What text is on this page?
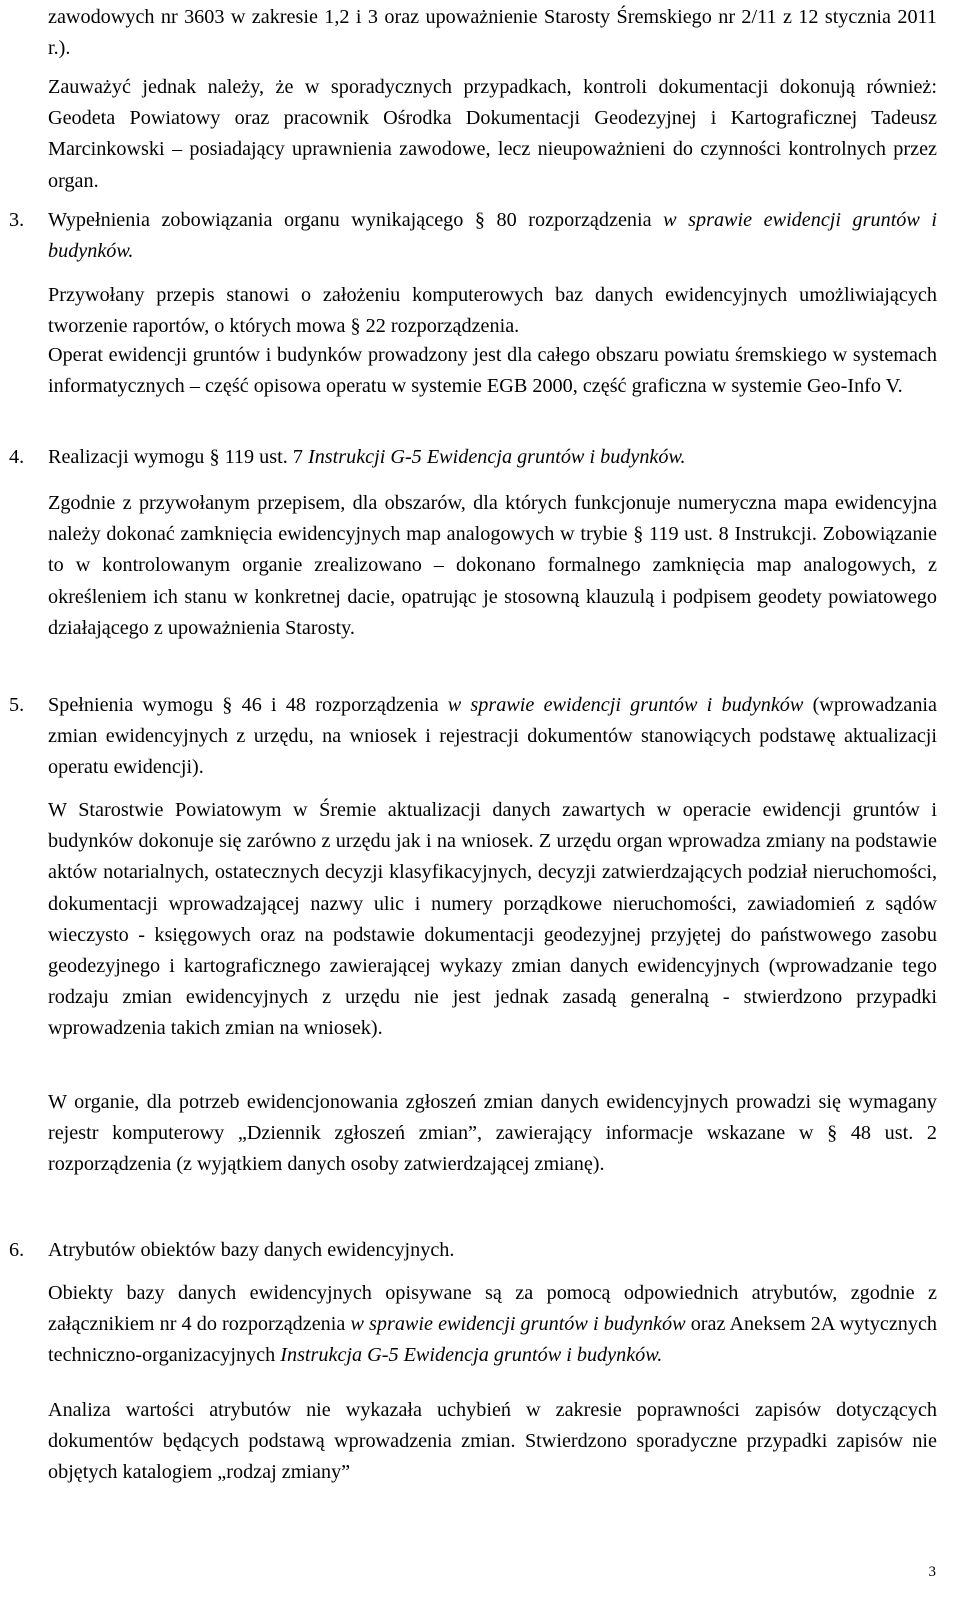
zawodowych nr 3603 w zakresie 1,2 i 3 oraz upoważnienie Starosty Śremskiego nr 2/11 z 12 stycznia 2011 r.).

Zauważyć jednak należy, że w sporadycznych przypadkach, kontroli dokumentacji dokonują również: Geodeta Powiatowy oraz pracownik Ośrodka Dokumentacji Geodezyjnej i Kartograficznej Tadeusz Marcinkowski – posiadający uprawnienia zawodowe, lecz nieupoważnieni do czynności kontrolnych przez organ.

3. Wypełnienia zobowiązania organu wynikającego § 80 rozporządzenia w sprawie ewidencji gruntów i budynków.

Przywołany przepis stanowi o założeniu komputerowych baz danych ewidencyjnych umożliwiających tworzenie raportów, o których mowa § 22 rozporządzenia.

Operat ewidencji gruntów i budynków prowadzony jest dla całego obszaru powiatu śremskiego w systemach informatycznych – część opisowa operatu w systemie EGB 2000, część graficzna w systemie Geo-Info V.

4. Realizacji wymogu § 119 ust. 7 Instrukcji G-5 Ewidencja gruntów i budynków.

Zgodnie z przywołanym przepisem, dla obszarów, dla których funkcjonuje numeryczna mapa ewidencyjna należy dokonać zamknięcia ewidencyjnych map analogowych w trybie § 119 ust. 8 Instrukcji. Zobowiązanie to w kontrolowanym organie zrealizowano – dokonano formalnego zamknięcia map analogowych, z określeniem ich stanu w konkretnej dacie, opatrując je stosowną klauzulą i podpisem geodety powiatowego działającego z upoważnienia Starosty.

5. Spełnienia wymogu § 46 i 48 rozporządzenia w sprawie ewidencji gruntów i budynków (wprowadzania zmian ewidencyjnych z urzędu, na wniosek i rejestracji dokumentów stanowiących podstawę aktualizacji operatu ewidencji).

W Starostwie Powiatowym w Śremie aktualizacji danych zawartych w operacie ewidencji gruntów i budynków dokonuje się zarówno z urzędu jak i na wniosek. Z urzędu organ wprowadza zmiany na podstawie aktów notarialnych, ostatecznych decyzji klasyfikacyjnych, decyzji zatwierdzających podział nieruchomości, dokumentacji wprowadzającej nazwy ulic i numery porządkowe nieruchomości, zawiadomień z sądów wieczysto - księgowych oraz na podstawie dokumentacji geodezyjnej przyjętej do państwowego zasobu geodezyjnego i kartograficznego zawierającej wykazy zmian danych ewidencyjnych (wprowadzanie tego rodzaju zmian ewidencyjnych z urzędu nie jest jednak zasadą generalną - stwierdzono przypadki wprowadzenia takich zmian na wniosek).

W organie, dla potrzeb ewidencjonowania zgłoszeń zmian danych ewidencyjnych prowadzi się wymagany rejestr komputerowy „Dziennik zgłoszeń zmian”, zawierający informacje wskazane w § 48 ust. 2 rozporządzenia (z wyjątkiem danych osoby zatwierdzającej zmianę).

6. Atrybutów obiektów bazy danych ewidencyjnych.

Obiekty bazy danych ewidencyjnych opisywane są za pomocą odpowiednich atrybutów, zgodnie z załącznikiem nr 4 do rozporządzenia w sprawie ewidencji gruntów i budynków oraz Aneksem 2A wytycznych techniczno-organizacyjnych Instrukcja G-5 Ewidencja gruntów i budynków.

Analiza wartości atrybutów nie wykazała uchybień w zakresie poprawności zapisów dotyczących dokumentów będących podstawą wprowadzenia zmian. Stwierdzono sporadyczne przypadki zapisów nie objętych katalogiem „rodzaj zmiany”

3
